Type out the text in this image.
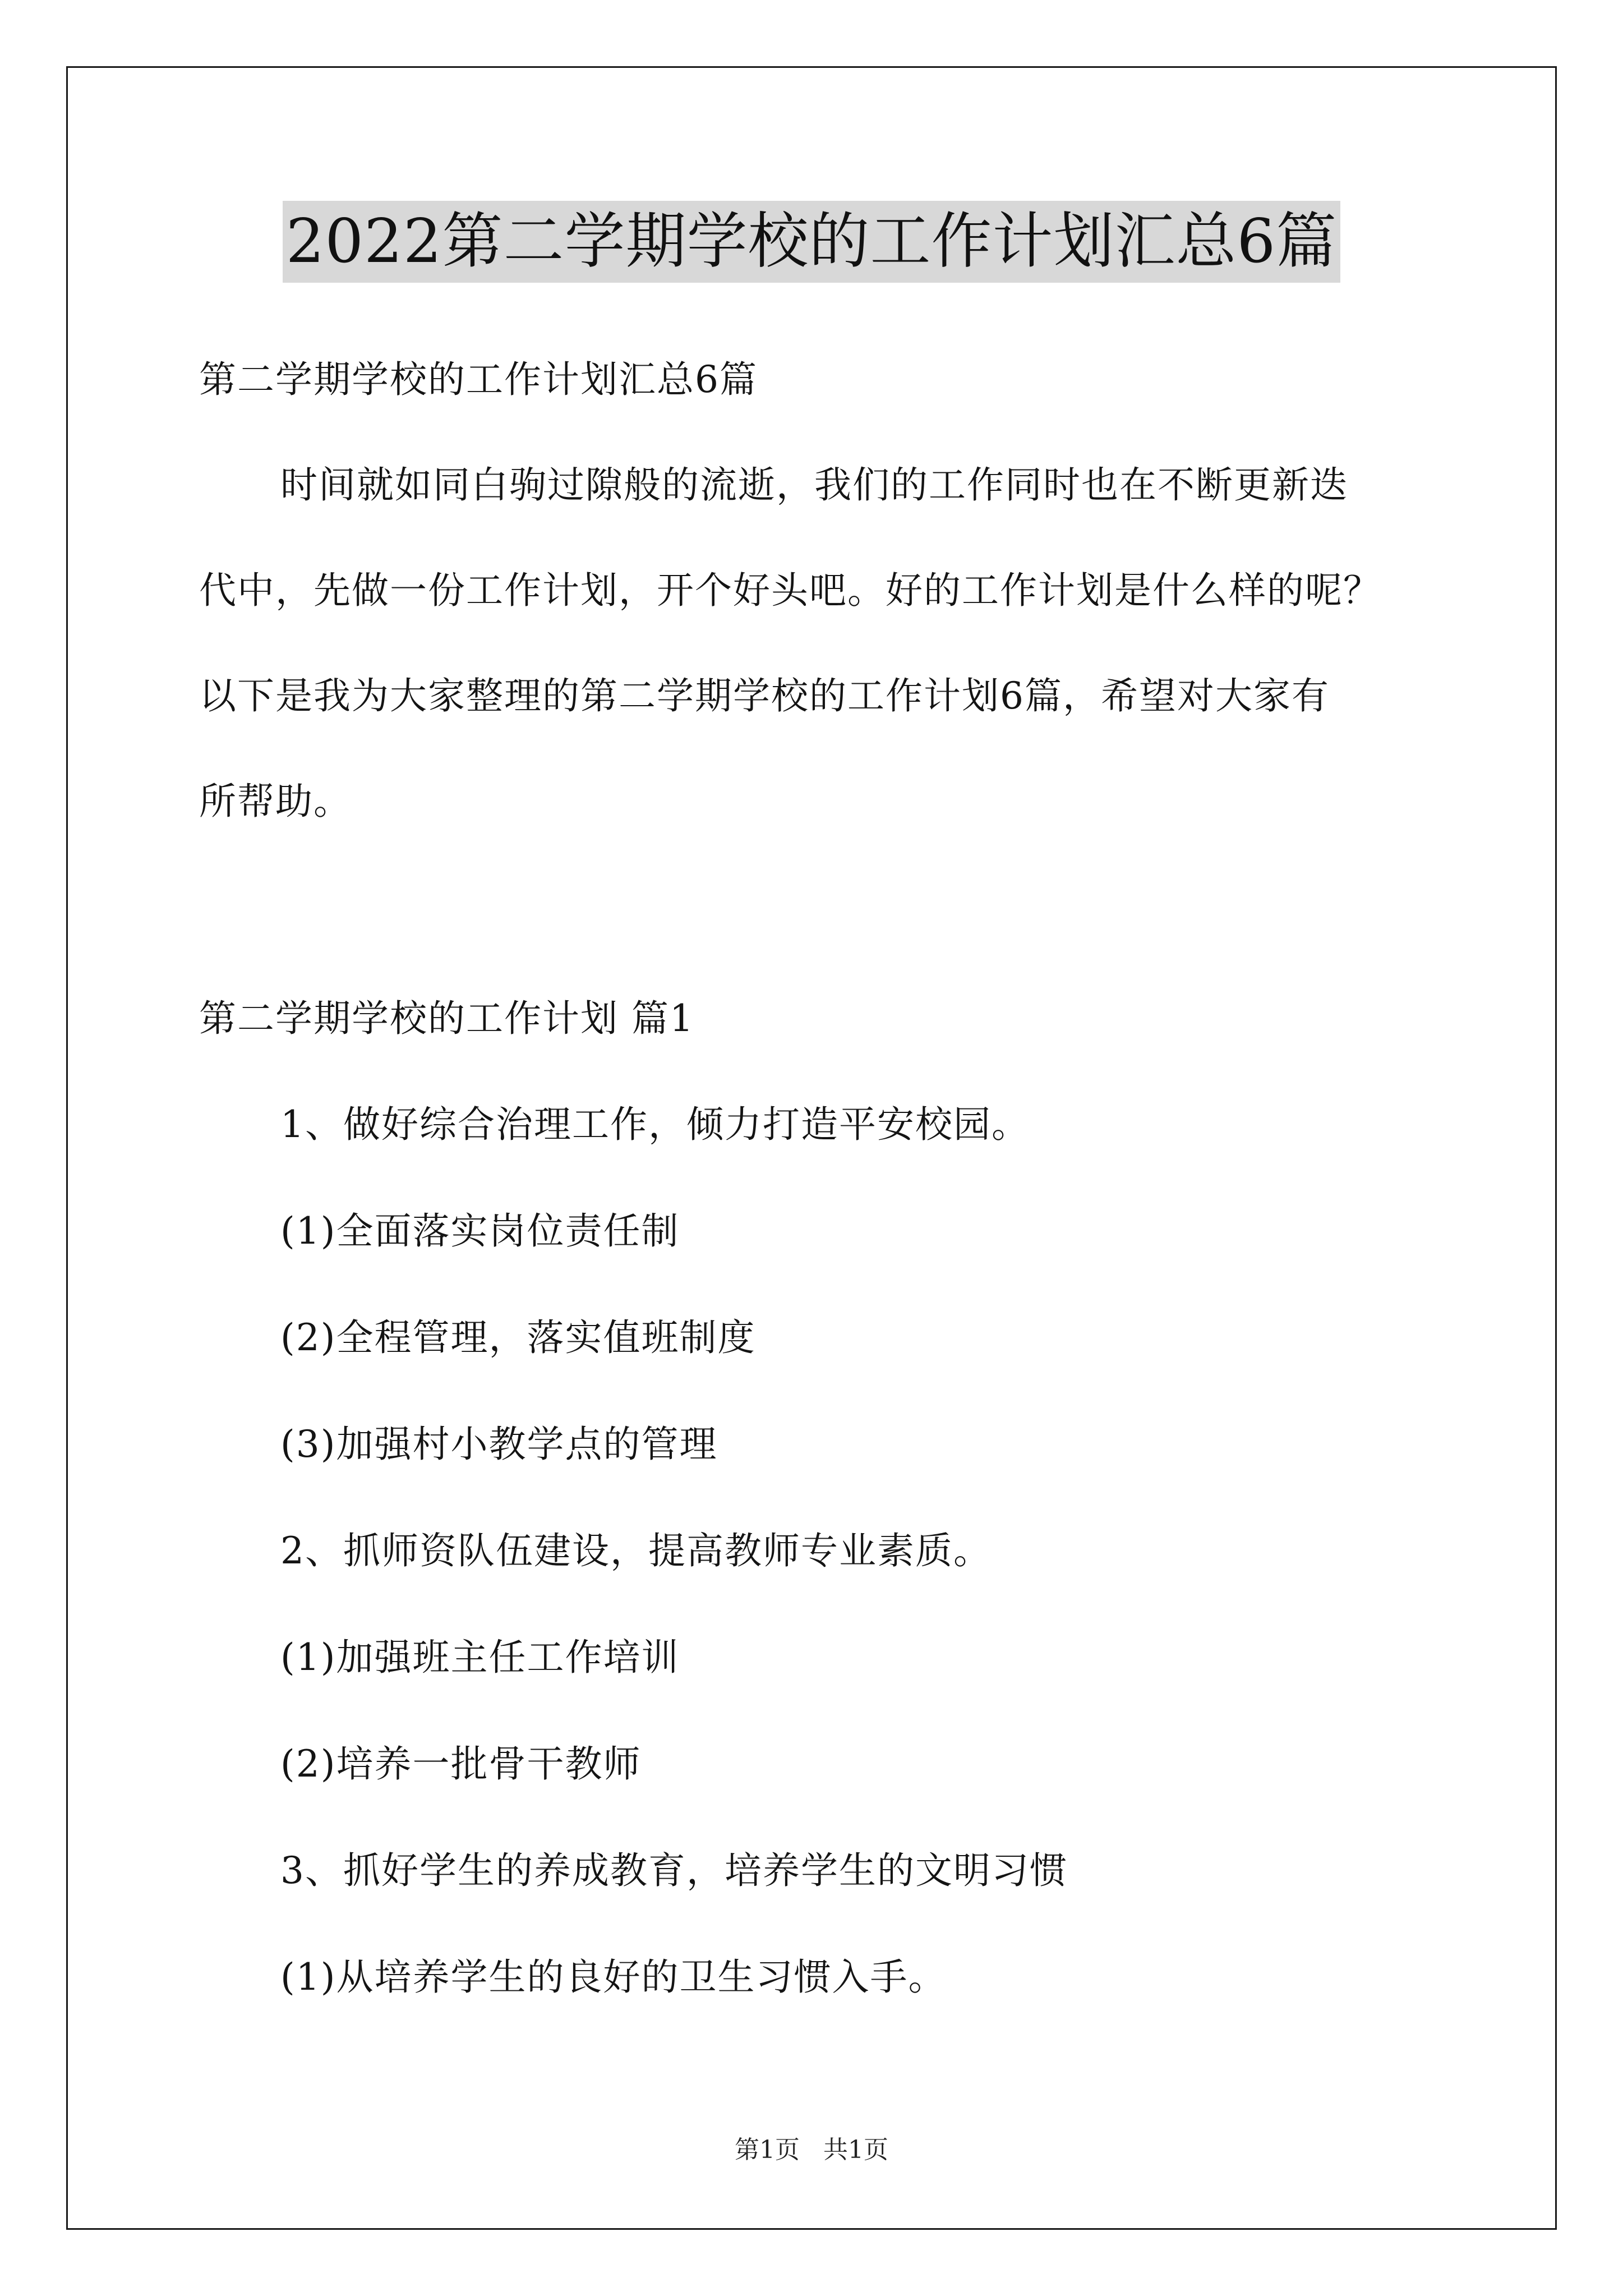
2022第二学期学校的工作计划汇总6篇
第二学期学校的工作计划汇总6篇
时间就如同白驹过隙般的流逝，我们的工作同时也在不断更新迭
代中，先做一份工作计划，开个好头吧。好的工作计划是什么样的呢？
以下是我为大家整理的第二学期学校的工作计划6篇，希望对大家有
所帮助。
第二学期学校的工作计划 篇1
1、做好综合治理工作，倾力打造平安校园。
(1)全面落实岗位责任制
(2)全程管理，落实值班制度
(3)加强村小教学点的管理
2、抓师资队伍建设，提高教师专业素质。
(1)加强班主任工作培训
(2)培养一批骨干教师
3、抓好学生的养成教育，培养学生的文明习惯
(1)从培养学生的良好的卫生习惯入手。
第1页   共1页
